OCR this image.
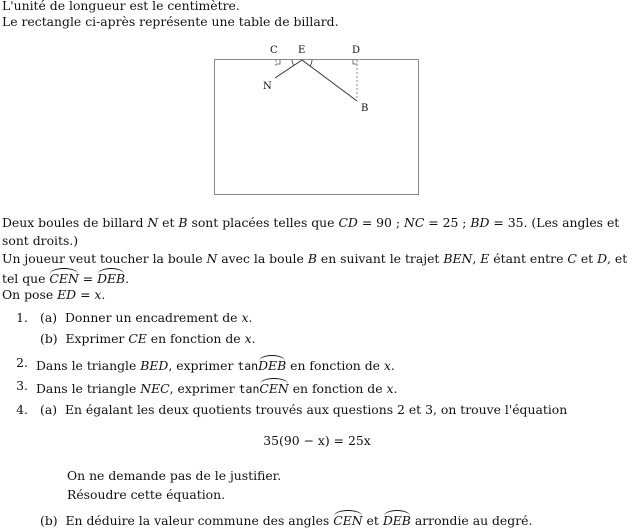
L'unité de longueur est le centimètre.
Le rectangle ci-après représente une table de billard.
C E	D
N
B
Deux boules de billard N et B sont placées telles que CD = 90 ; NC = 25 ; BD = 35. (Les angles et
sont droits.)
Un joueur veut toucher la boule N avec la boule B en suivant le trajet BEN, E étant entre C et D, et
tel que CEN = DEB.
On pose ED = x.
1. (a) Donner un encadrement de x.
(b) Exprimer CE en fonction de x.
2. Dans le triangle BED, exprimer tanDEB en fonction de x.
3. Dans le triangle NEC, exprimer tanCEN en fonction de x.
4. (a) En égalant les deux quotients trouvés aux questions 2 et 3, on trouve l'équation
35(90 − x) = 25x
On ne demande pas de le justifier.
Résoudre cette équation.
(b) En déduire la valeur commune des angles CEN et DEB arrondie au degré.
